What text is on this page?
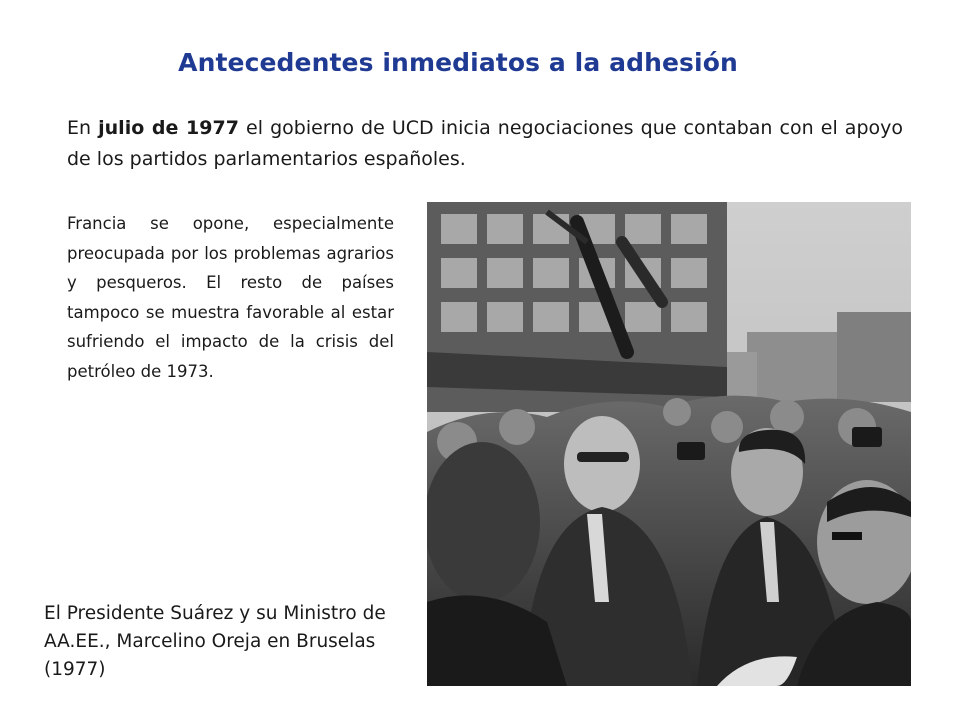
Antecedentes inmediatos a la adhesión
En julio de 1977 el gobierno de UCD inicia negociaciones que contaban con el apoyo de los partidos parlamentarios españoles.
Francia se opone, especialmente preocupada por los problemas agrarios y pesqueros. El resto de países tampoco se muestra favorable al estar sufriendo el impacto de la crisis del petróleo de 1973.
El Presidente Suárez y su Ministro de AA.EE., Marcelino Oreja en Bruselas (1977)
